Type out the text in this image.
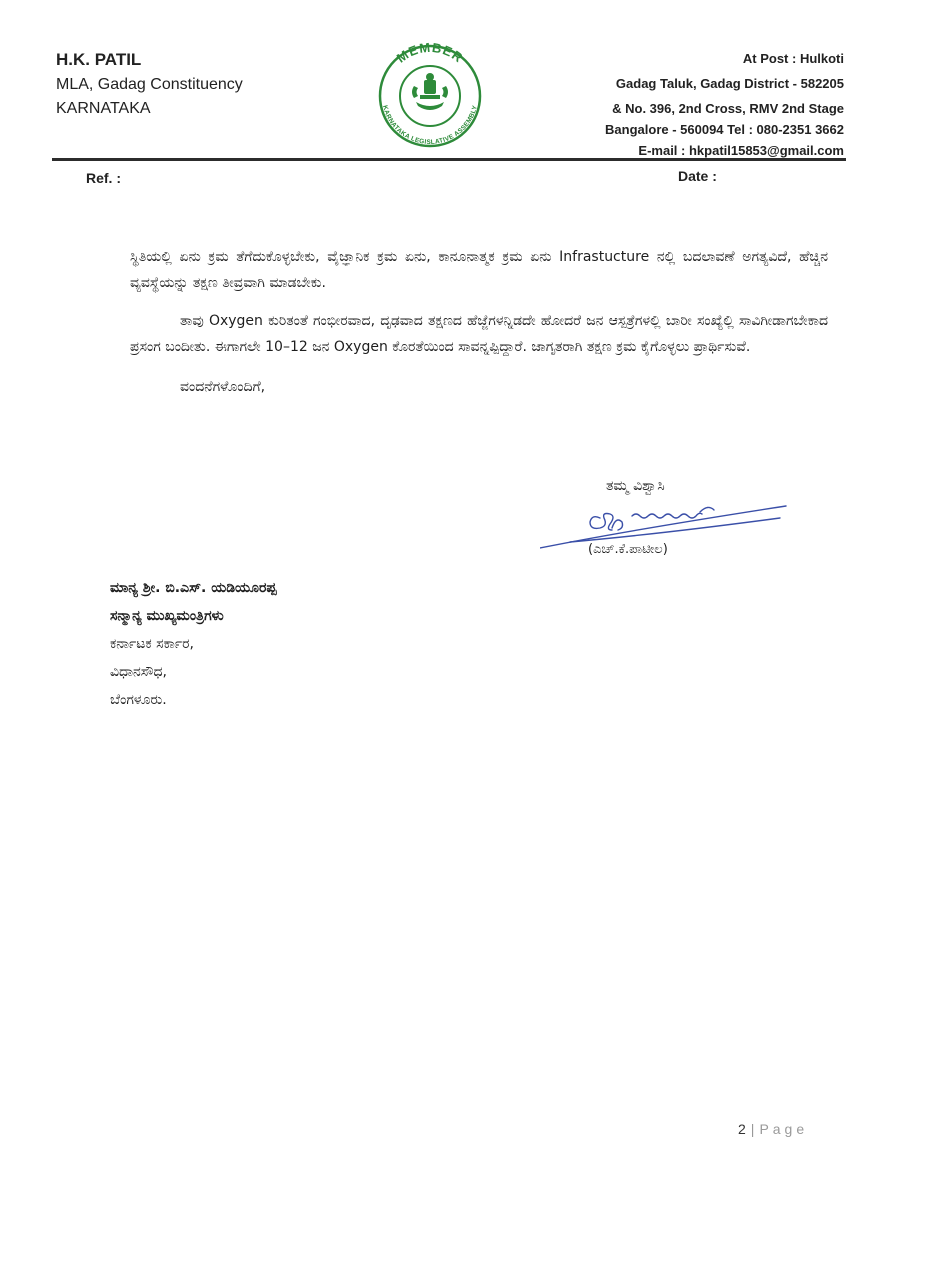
H.K. PATIL
MLA, Gadag Constituency
KARNATAKA
MEMBER
KARNATAKA LEGISLATIVE ASSEMBLY
At Post : Hulkoti
Gadag Taluk, Gadag District - 582205
& No. 396, 2nd Cross, RMV 2nd Stage
Bangalore - 560094 Tel : 080-2351 3662
E-mail : hkpatil15853@gmail.com
Ref. :	Date :

ಸ್ಥಿತಿಯಲ್ಲಿ ಏನು ಕ್ರಮ ತೆಗೆದುಕೊಳ್ಳಬೇಕು, ವೈಜ್ಞಾನಿಕ ಕ್ರಮ ಏನು, ಕಾನೂನಾತ್ಮಕ ಕ್ರಮ ಏನು Infrastucture ನಲ್ಲಿ ಬದಲಾವಣೆ ಅಗತ್ಯವಿದೆ, ಹೆಚ್ಚಿನ ವ್ಯವಸ್ಥೆಯನ್ನು ತಕ್ಷಣ ತೀವ್ರವಾಗಿ ಮಾಡಬೇಕು.

ತಾವು Oxygen ಕುರಿತಂತೆ ಗಂಭೀರವಾದ, ದೃಢವಾದ ತಕ್ಷಣದ ಹೆಜ್ಜೆಗಳನ್ನಿಡದೇ ಹೋದರೆ ಜನ ಆಸ್ಪತ್ರೆಗಳಲ್ಲಿ ಬಾರೀ ಸಂಖ್ಯೆಲ್ಲಿ ಸಾವಿಗೀಡಾಗಬೇಕಾದ ಪ್ರಸಂಗ ಬಂದೀತು. ಈಗಾಗಲೇ 10–12 ಜನ Oxygen ಕೊರತೆಯಿಂದ ಸಾವನ್ನಪ್ಪಿದ್ದಾರೆ. ಜಾಗೃತರಾಗಿ ತಕ್ಷಣ ಕ್ರಮ ಕೈಗೊಳ್ಳಲು ಪ್ರಾರ್ಥಿಸುವೆ.

ವಂದನೆಗಳೊಂದಿಗೆ,

ತಮ್ಮ ವಿಶ್ವಾಸಿ
(ಎಚ್.ಕೆ.ಪಾಟೀಲ)
ಮಾನ್ಯ ಶ್ರೀ. ಬಿ.ಎಸ್. ಯಡಿಯೂರಪ್ಪ
ಸನ್ಮಾನ್ಯ ಮುಖ್ಯಮಂತ್ರಿಗಳು
ಕರ್ನಾಟಕ ಸರ್ಕಾರ,
ವಿಧಾನಸೌಧ,
ಬೆಂಗಳೂರು.
2 | Page
